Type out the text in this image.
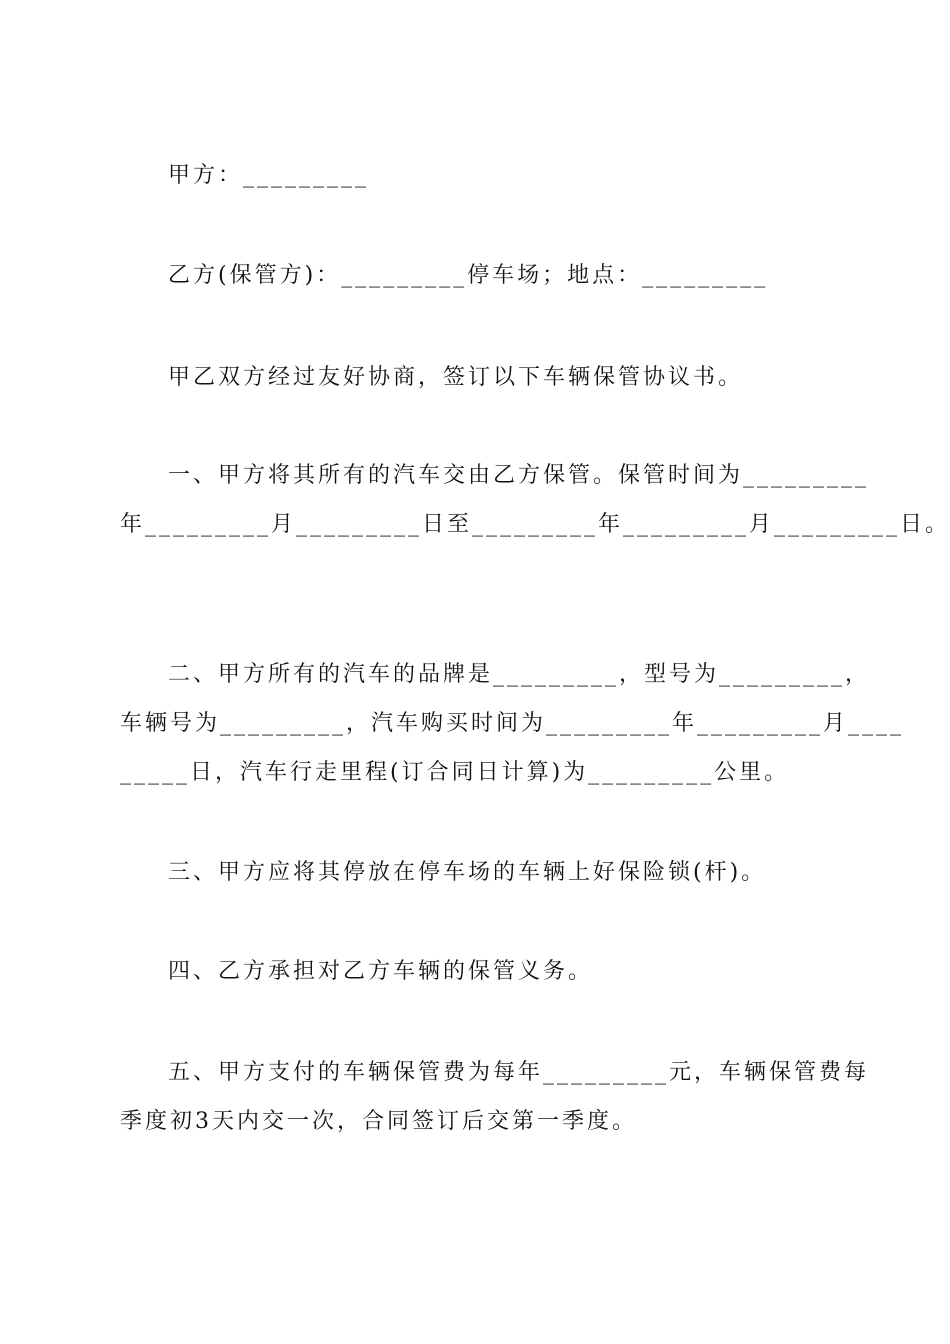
甲方：_________
乙方(保管方)：_________停车场；地点：_________
甲乙双方经过友好协商，签订以下车辆保管协议书。
一、甲方将其所有的汽车交由乙方保管。保管时间为_________
年_________月_________日至_________年_________月_________日。
二、甲方所有的汽车的品牌是_________，型号为_________，
车辆号为_________，汽车购买时间为_________年_________月____
_____日，汽车行走里程(订合同日计算)为_________公里。
三、甲方应将其停放在停车场的车辆上好保险锁(杆)。
四、乙方承担对乙方车辆的保管义务。
五、甲方支付的车辆保管费为每年_________元，车辆保管费每
季度初3天内交一次，合同签订后交第一季度。
